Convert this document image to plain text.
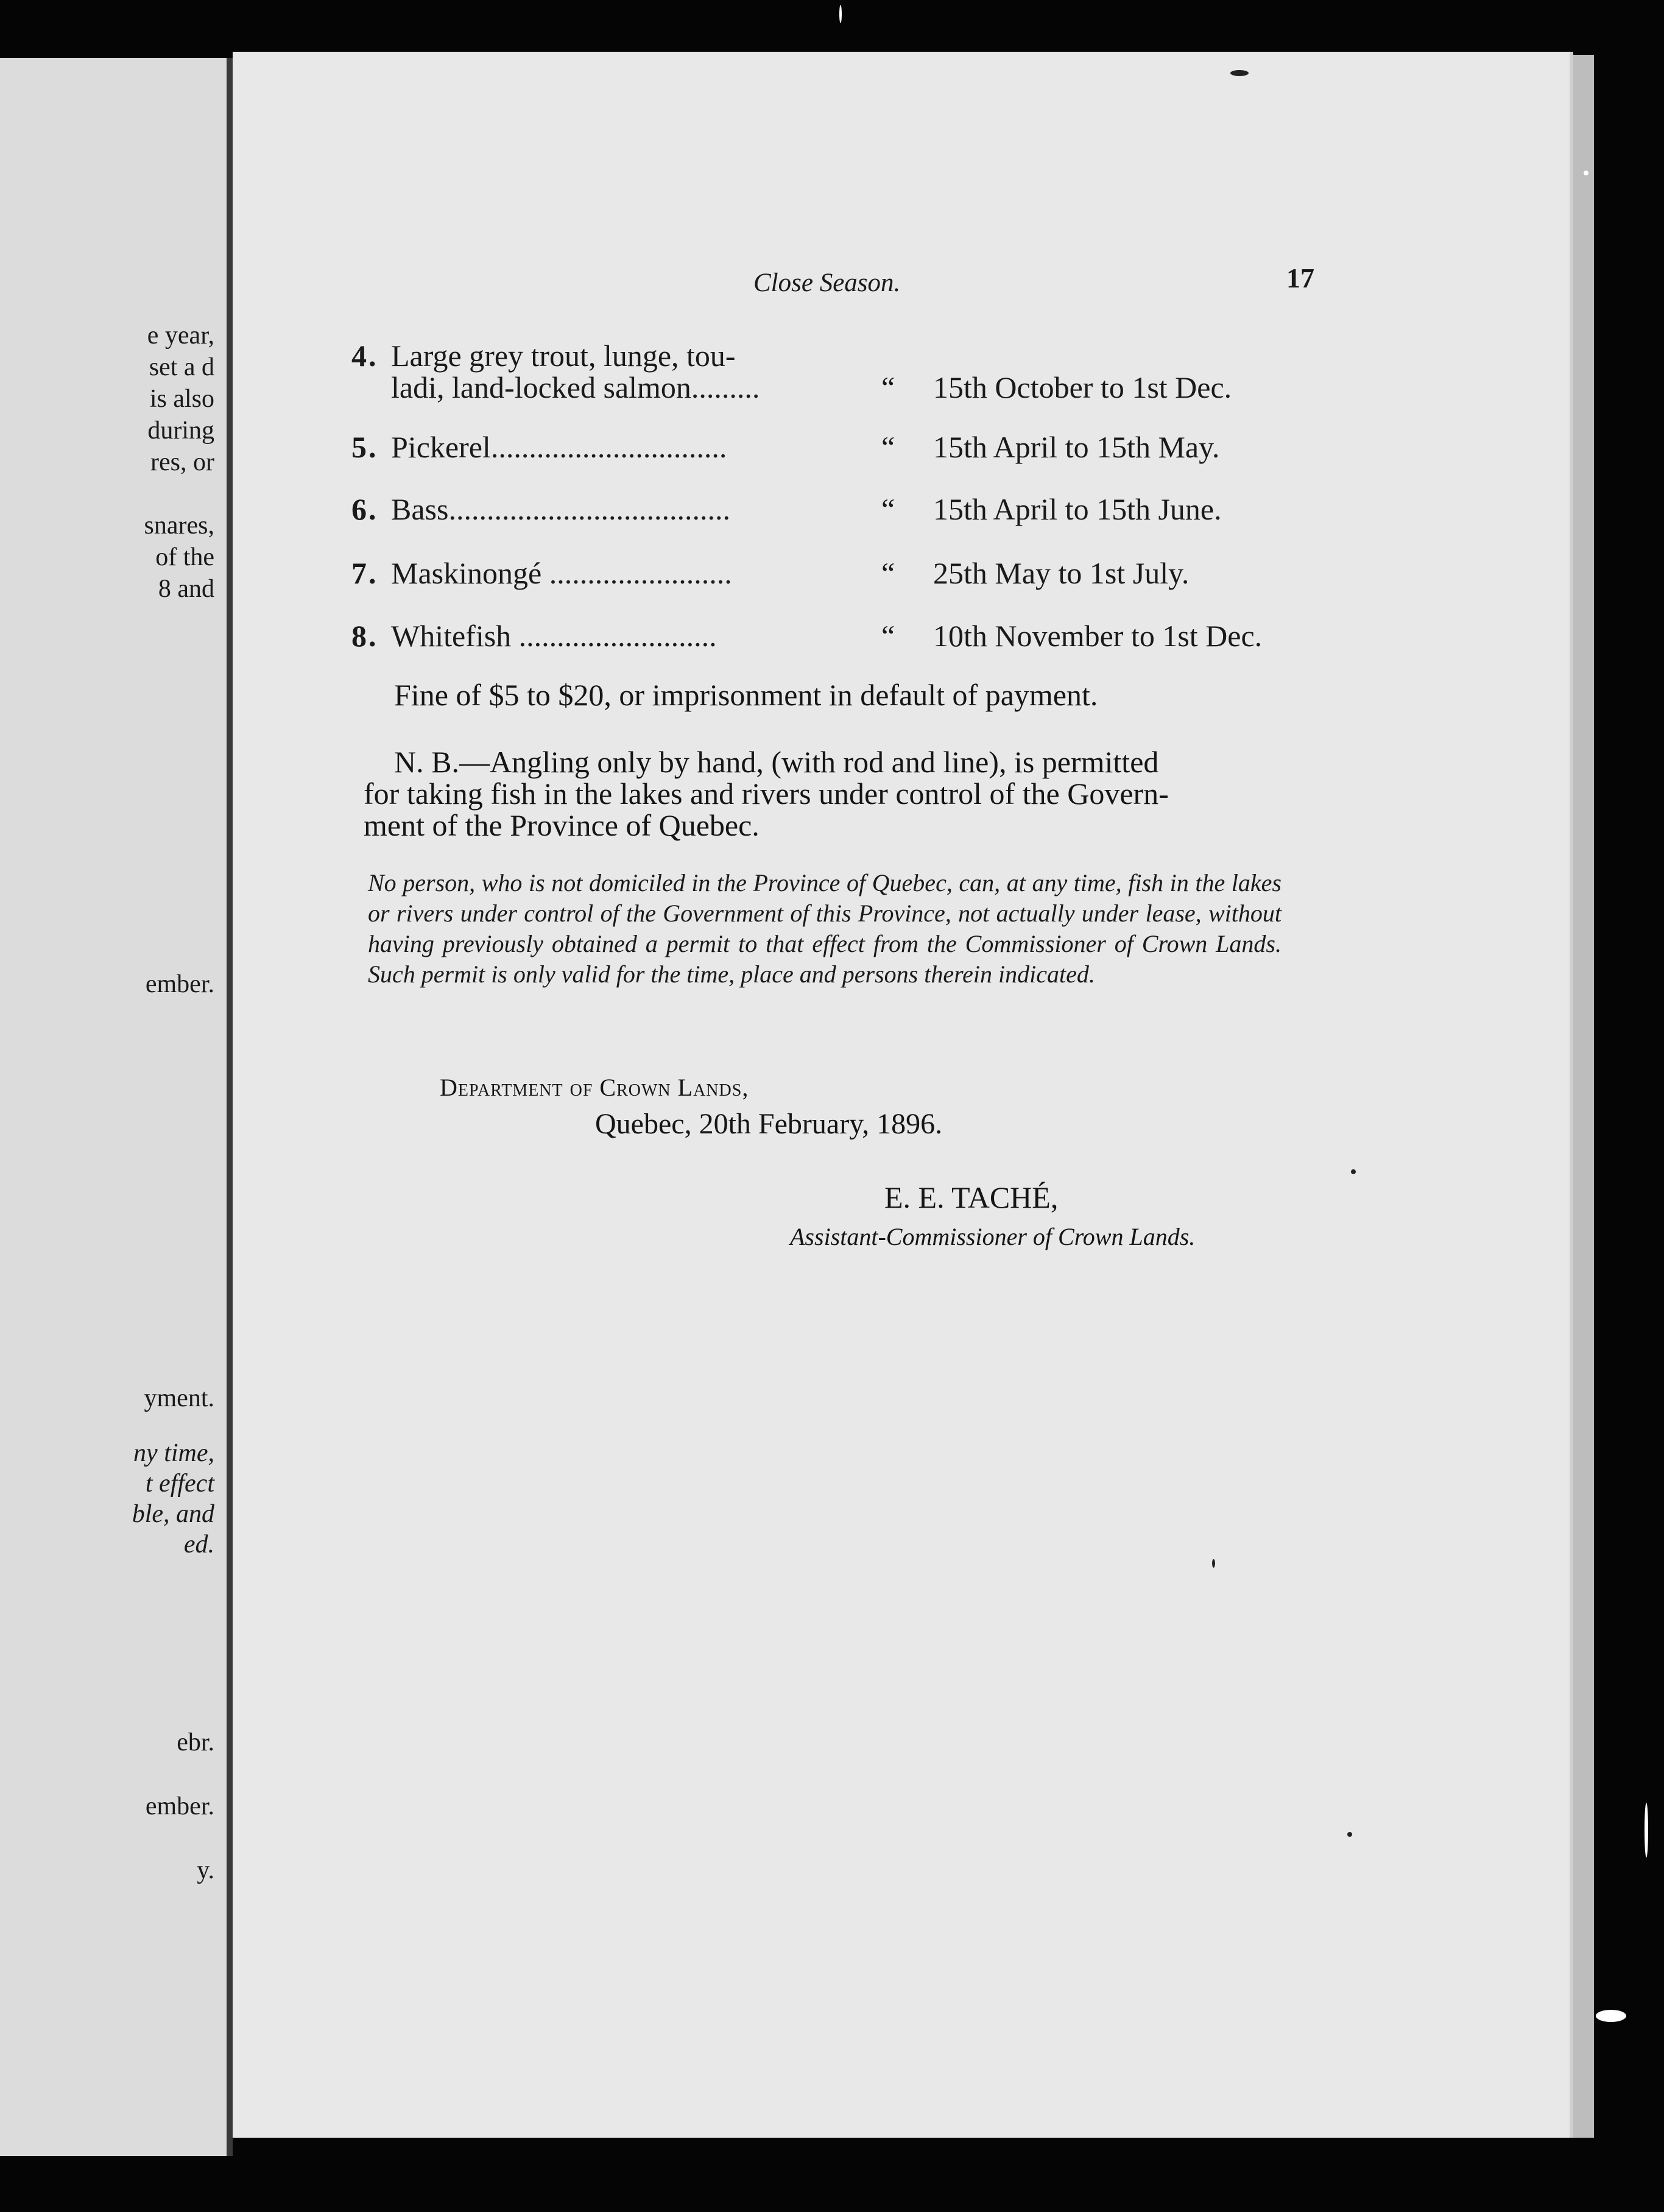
e year,
set a d
is also
during
res, or
snares,
of the
8 and
ember.
yment.
ny time,
t effect
ble, and
ed.
ebr.
ember.
y.
Close Season.	17
4 . Large grey trout, lunge, tou-
ladi, land-locked salmon.........	“ 15th October to 1st Dec.
5 . Pickerel...............................	“ 15th April to 15th May.
6 . Bass.....................................	“ 15th April to 15th June.
7 . Maskinongé ........................	“ 25th May to 1st July.
8 . Whitefish ..........................	“ 10th November to 1st Dec.
Fine of $5 to $20, or imprisonment in default of payment.
N. B.—Angling only by hand, (with rod and line), is permitted
for taking fish in the lakes and rivers under control of the Govern-
ment of the Province of Quebec.
No person, who is not domiciled in the Province of Quebec, can, at any time, fish in the lakes or rivers under control of the Government of this Province, not actually under lease, without having previously obtained a permit to that effect from the Commissioner of Crown Lands. Such permit is only valid for the time, place and persons therein indicated.
Department of Crown Lands,
Quebec, 20th February, 1896.
E. E. TACHÉ,
Assistant-Commissioner of Crown Lands.
